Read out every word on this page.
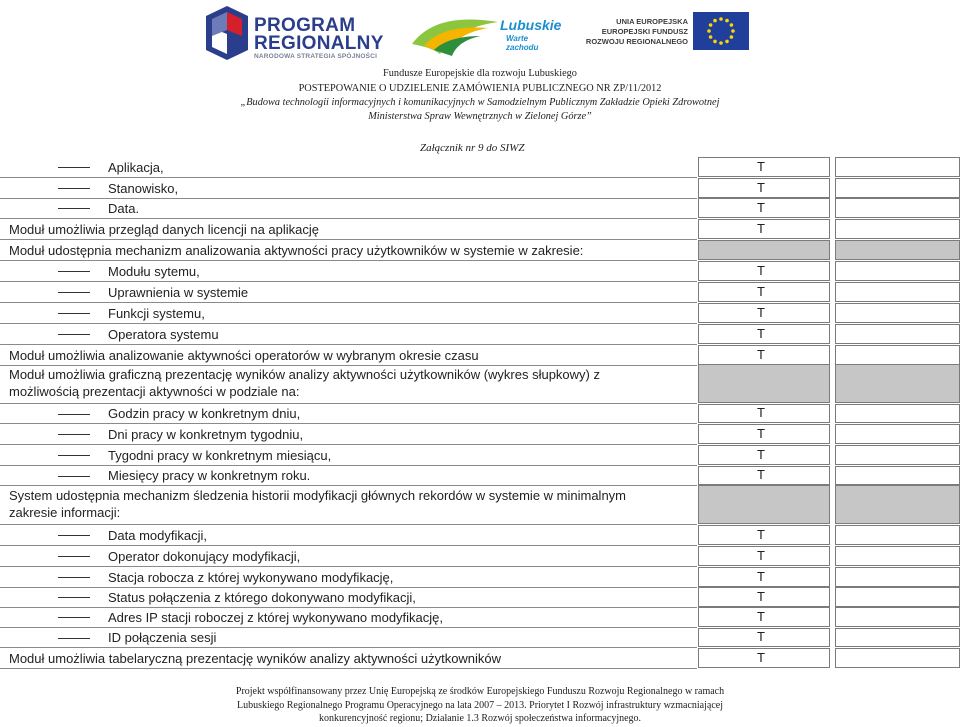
PROGRAM
REGIONALNY
NARODOWA STRATEGIA SPÓJNOŚCI
Lubuskie
Warte zachodu
UNIA EUROPEJSKA
EUROPEJSKI FUNDUSZ
ROZWOJU REGIONALNEGO
Fundusze Europejskie dla rozwoju Lubuskiego
POSTEPOWANIE O UDZIELENIE ZAMÓWIENIA PUBLICZNEGO NR ZP/11/2012
„Budowa technologii informacyjnych i komunikacyjnych w Samodzielnym Publicznym Zakładzie Opieki Zdrowotnej
Ministerstwa Spraw Wewnętrznych w Zielonej Górze”
Załącznik nr 9 do SIWZ
Aplikacja,	T
Stanowisko,	T
Data.	T
Moduł umożliwia przegląd danych licencji na aplikację	T
Moduł udostępnia mechanizm analizowania aktywności pracy użytkowników w systemie w zakresie:
Modułu sytemu,	T
Uprawnienia w systemie	T
Funkcji systemu,	T
Operatora systemu	T
Moduł umożliwia analizowanie aktywności operatorów w wybranym okresie czasu	T
Moduł umożliwia graficzną prezentację wyników analizy aktywności użytkowników (wykres słupkowy) z
możliwością prezentacji aktywności w podziale na:
Godzin pracy w konkretnym dniu,	T
Dni pracy w konkretnym tygodniu,	T
Tygodni pracy w konkretnym miesiącu,	T
Miesięcy pracy w konkretnym roku.	T
System udostępnia mechanizm śledzenia historii modyfikacji głównych rekordów w systemie w minimalnym
zakresie informacji:
Data modyfikacji,	T
Operator dokonujący modyfikacji,	T
Stacja robocza z której wykonywano modyfikację,	T
Status połączenia z którego dokonywano modyfikacji,	T
Adres IP stacji roboczej z której wykonywano modyfikację,	T
ID połączenia sesji	T
Moduł umożliwia tabelaryczną prezentację wyników analizy aktywności użytkowników	T
Projekt współfinansowany przez Unię Europejską ze środków Europejskiego Funduszu Rozwoju Regionalnego w ramach
Lubuskiego Regionalnego Programu Operacyjnego na lata 2007 – 2013. Priorytet I Rozwój infrastruktury wzmacniającej
konkurencyjność regionu; Działanie 1.3 Rozwój społeczeństwa informacyjnego.
